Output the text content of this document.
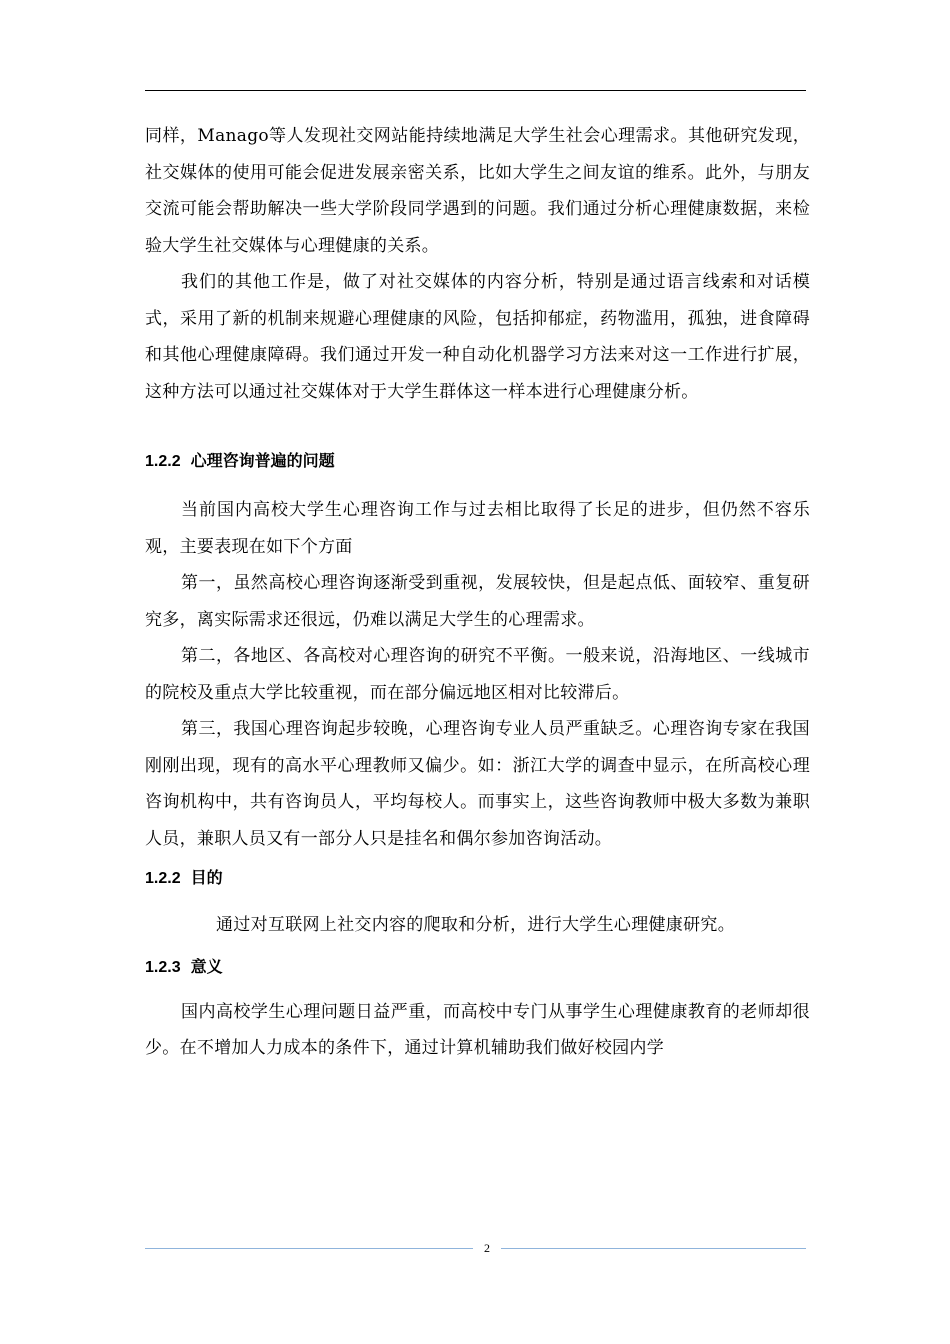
同样，Manago等人发现社交网站能持续地满足大学生社会心理需求。其他研究发现，社交媒体的使用可能会促进发展亲密关系，比如大学生之间友谊的维系。此外，与朋友交流可能会帮助解决一些大学阶段同学遇到的问题。我们通过分析心理健康数据，来检验大学生社交媒体与心理健康的关系。

我们的其他工作是，做了对社交媒体的内容分析，特别是通过语言线索和对话模式，采用了新的机制来规避心理健康的风险，包括抑郁症，药物滥用，孤独，进食障碍和其他心理健康障碍。我们通过开发一种自动化机器学习方法来对这一工作进行扩展，这种方法可以通过社交媒体对于大学生群体这一样本进行心理健康分析。

1.2.2 心理咨询普遍的问题

当前国内高校大学生心理咨询工作与过去相比取得了长足的进步，但仍然不容乐观，主要表现在如下个方面

第一，虽然高校心理咨询逐渐受到重视，发展较快，但是起点低、面较窄、重复研究多，离实际需求还很远，仍难以满足大学生的心理需求。

第二，各地区、各高校对心理咨询的研究不平衡。一般来说，沿海地区、一线城市的院校及重点大学比较重视，而在部分偏远地区相对比较滞后。

第三，我国心理咨询起步较晚，心理咨询专业人员严重缺乏。心理咨询专家在我国刚刚出现，现有的高水平心理教师又偏少。如：浙江大学的调查中显示，在所高校心理咨询机构中，共有咨询员人，平均每校人。而事实上，这些咨询教师中极大多数为兼职人员，兼职人员又有一部分人只是挂名和偶尔参加咨询活动。

1.2.2 目的

通过对互联网上社交内容的爬取和分析，进行大学生心理健康研究。

1.2.3 意义

国内高校学生心理问题日益严重，而高校中专门从事学生心理健康教育的老师却很少。在不增加人力成本的条件下，通过计算机辅助我们做好校园内学

2
